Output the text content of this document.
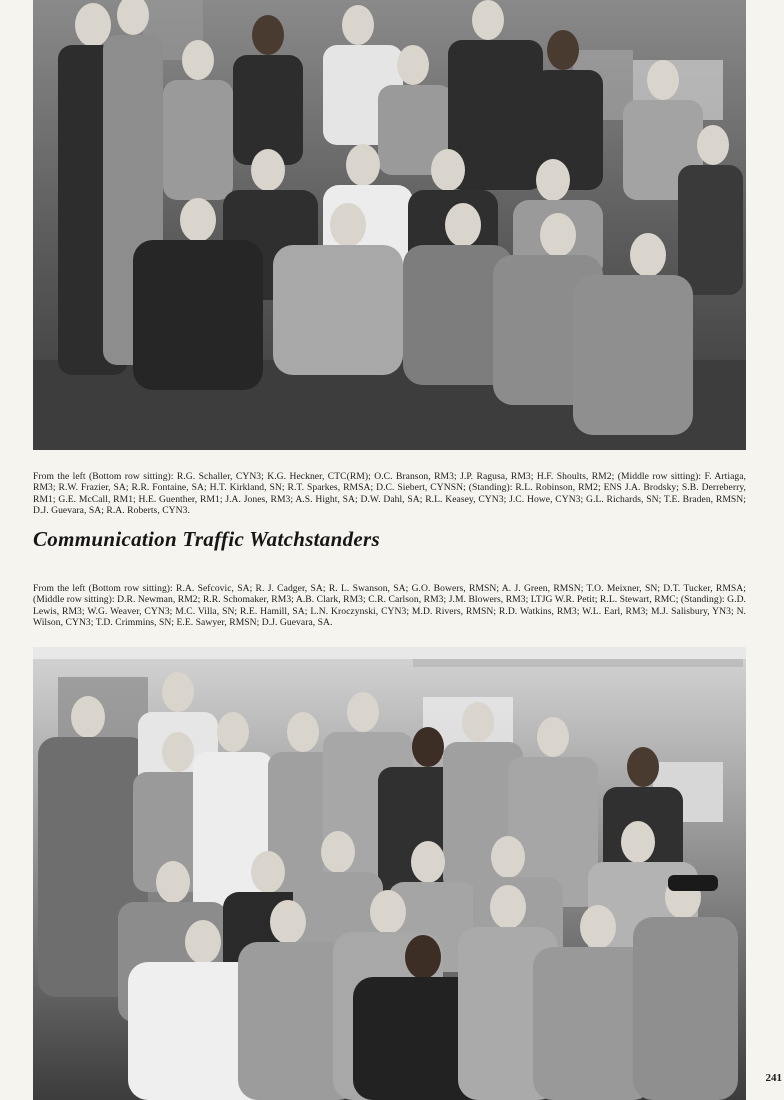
From the left (Bottom row sitting): R.G. Schaller, CYN3; K.G. Heckner, CTC(RM); O.C. Branson, RM3; J.P. Ragusa, RM3; H.F. Shoults, RM2; (Middle row sitting): F. Artiaga, RM3; R.W. Frazier, SA; R.R. Fontaine, SA; H.T. Kirkland, SN; R.T. Sparkes, RMSA; D.C. Siebert, CYNSN; (Standing): R.L. Robinson, RM2; ENS J.A. Brodsky; S.B. Derreberry, RM1; G.E. McCall, RM1; H.E. Guenther, RM1; J.A. Jones, RM3; A.S. Hight, SA; D.W. Dahl, SA; R.L. Keasey, CYN3; J.C. Howe, CYN3; G.L. Richards, SN; T.E. Braden, RMSN; D.J. Guevara, SA; R.A. Roberts, CYN3.

Communication Traffic Watchstanders

From the left (Bottom row sitting): R.A. Sefcovic, SA; R. J. Cadger, SA; R. L. Swanson, SA; G.O. Bowers, RMSN; A. J. Green, RMSN; T.O. Meixner, SN; D.T. Tucker, RMSA; (Middle row sitting): D.R. Newman, RM2; R.R. Schomaker, RM3; A.B. Clark, RM3; C.R. Carlson, RM3; J.M. Blowers, RM3; LTJG W.R. Petit; R.L. Stewart, RMC; (Standing): G.D. Lewis, RM3; W.G. Weaver, CYN3; M.C. Villa, SN; R.E. Hamill, SA; L.N. Kroczynski, CYN3; M.D. Rivers, RMSN; R.D. Watkins, RM3; W.L. Earl, RM3; M.J. Salisbury, YN3; N. Wilson, CYN3; T.D. Crimmins, SN; E.E. Sawyer, RMSN; D.J. Guevara, SA.

241
